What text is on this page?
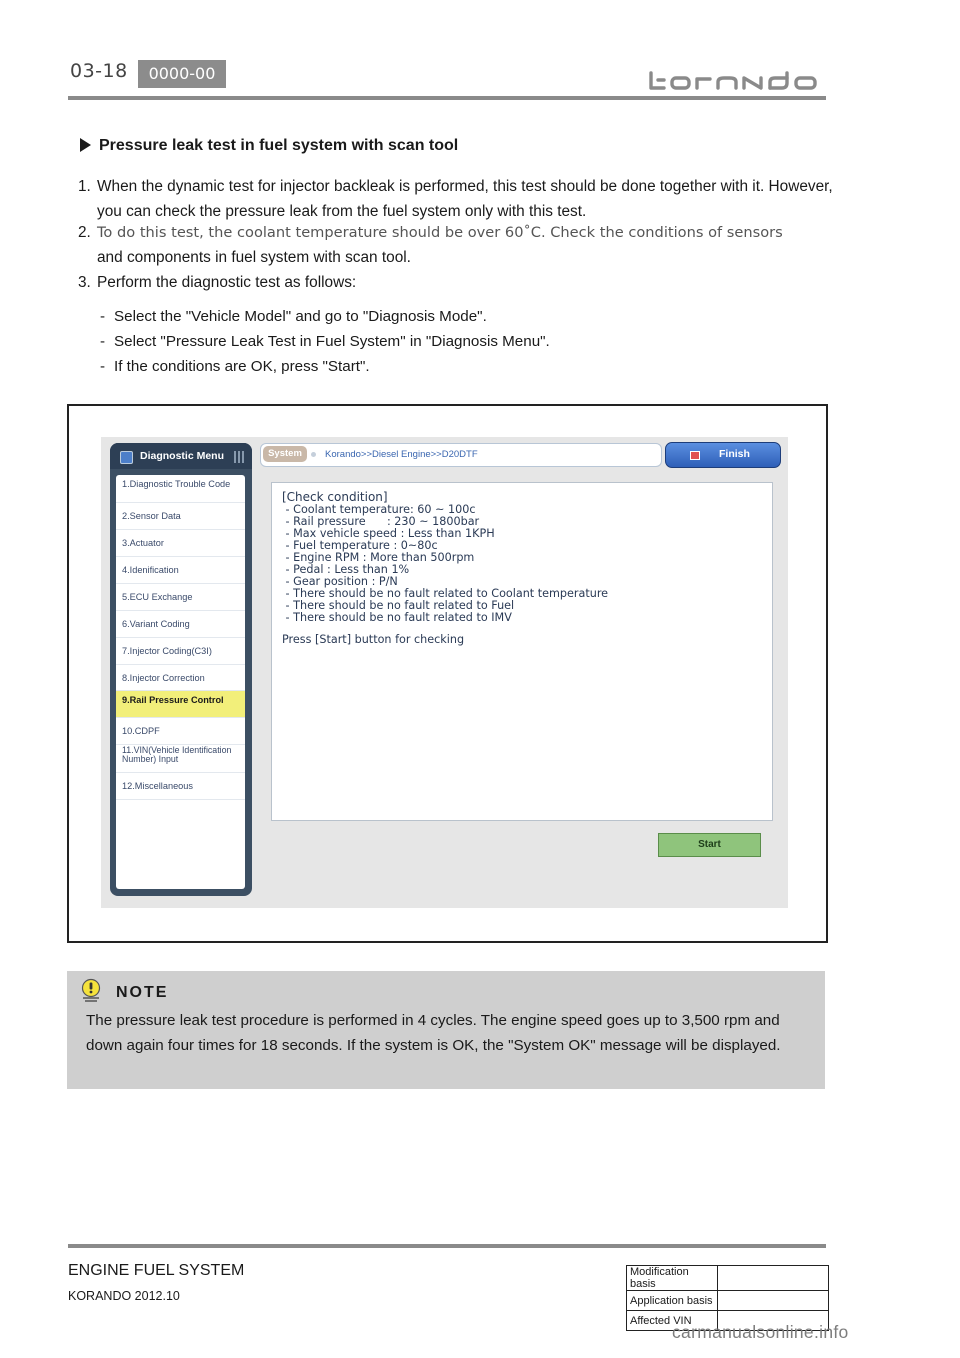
03-18	0000-00
Pressure leak test in fuel system with scan tool
1. When the dynamic test for injector backleak is performed, this test should be done together with it. However, you can check the pressure leak from the fuel system only with this test.
2. To do this test, the coolant temperature should be over 60˚C. Check the conditions of sensors
and components in fuel system with scan tool.
3. Perform the diagnostic test as follows:
- Select the "Vehicle Model" and go to "Diagnosis Mode".
- Select "Pressure Leak Test in Fuel System" in "Diagnosis Menu".
- If the conditions are OK, press "Start".
Diagnostic Menu
1.Diagnostic Trouble Code
2.Sensor Data
3.Actuator
4.Idenification
5.ECU Exchange
6.Variant Coding
7.Injector Coding(C3I)
8.Injector Correction
9.Rail Pressure Control
10.CDPF
11.VIN(Vehicle Identification Number) Input
12.Miscellaneous
System	Korando>>Diesel Engine>>D20DTF	Finish
[Check condition]
- Coolant temperature: 60 ~ 100c
- Rail pressure      : 230 ~ 1800bar
- Max vehicle speed : Less than 1KPH
- Fuel temperature : 0~80c
- Engine RPM : More than 500rpm
- Pedal : Less than 1%
- Gear position : P/N
- There should be no fault related to Coolant temperature
- There should be no fault related to Fuel
- There should be no fault related to IMV
Press [Start] button for checking
Start
NOTE
The pressure leak test procedure is performed in 4 cycles. The engine speed goes up to 3,500 rpm and down again four times for 18 seconds. If the system is OK, the "System OK" message will be displayed.
ENGINE FUEL SYSTEM
KORANDO 2012.10
Modification basis	
Application basis	
Affected VIN	
carmanualsonline.info
